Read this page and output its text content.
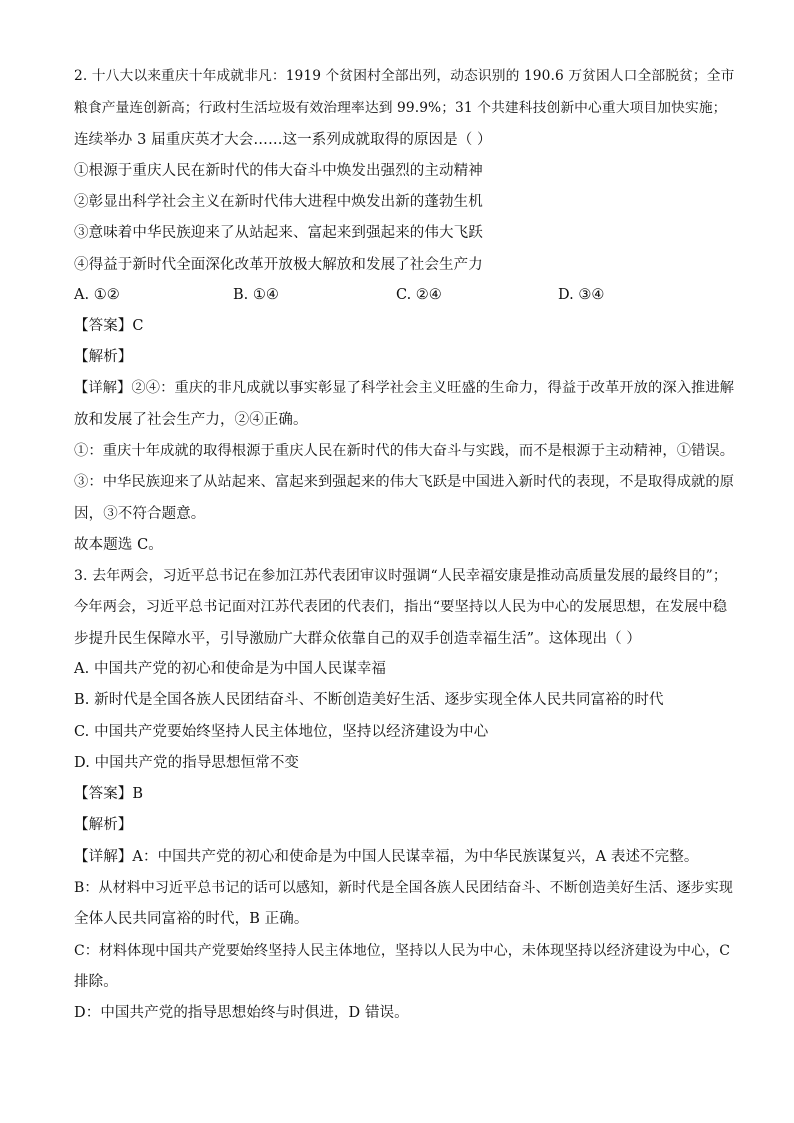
2. 十八大以来重庆十年成就非凡：1919 个贫困村全部出列，动态识别的 190.6 万贫困人口全部脱贫；全市
粮食产量连创新高；行政村生活垃圾有效治理率达到 99.9%；31 个共建科技创新中心重大项目加快实施；
连续举办 3 届重庆英才大会……这一系列成就取得的原因是（ ）
①根源于重庆人民在新时代的伟大奋斗中焕发出强烈的主动精神
②彰显出科学社会主义在新时代伟大进程中焕发出新的蓬勃生机
③意味着中华民族迎来了从站起来、富起来到强起来的伟大飞跃
④得益于新时代全面深化改革开放极大解放和发展了社会生产力
A. ①②	B. ①④	C. ②④	D. ③④
【答案】C
【解析】
【详解】②④：重庆的非凡成就以事实彰显了科学社会主义旺盛的生命力，得益于改革开放的深入推进解
放和发展了社会生产力，②④正确。
①：重庆十年成就的取得根源于重庆人民在新时代的伟大奋斗与实践，而不是根源于主动精神，①错误。
③：中华民族迎来了从站起来、富起来到强起来的伟大飞跃是中国进入新时代的表现，不是取得成就的原
因，③不符合题意。
故本题选 C。
3. 去年两会，习近平总书记在参加江苏代表团审议时强调“人民幸福安康是推动高质量发展的最终目的”；
今年两会，习近平总书记面对江苏代表团的代表们，指出“要坚持以人民为中心的发展思想，在发展中稳
步提升民生保障水平，引导激励广大群众依靠自己的双手创造幸福生活”。这体现出（ ）
A. 中国共产党的初心和使命是为中国人民谋幸福
B. 新时代是全国各族人民团结奋斗、不断创造美好生活、逐步实现全体人民共同富裕的时代
C. 中国共产党要始终坚持人民主体地位，坚持以经济建设为中心
D. 中国共产党的指导思想恒常不变
【答案】B
【解析】
【详解】A：中国共产党的初心和使命是为中国人民谋幸福，为中华民族谋复兴，A 表述不完整。
B：从材料中习近平总书记的话可以感知，新时代是全国各族人民团结奋斗、不断创造美好生活、逐步实现
全体人民共同富裕的时代，B 正确。
C：材料体现中国共产党要始终坚持人民主体地位，坚持以人民为中心，未体现坚持以经济建设为中心，C
排除。
D：中国共产党的指导思想始终与时俱进，D 错误。
